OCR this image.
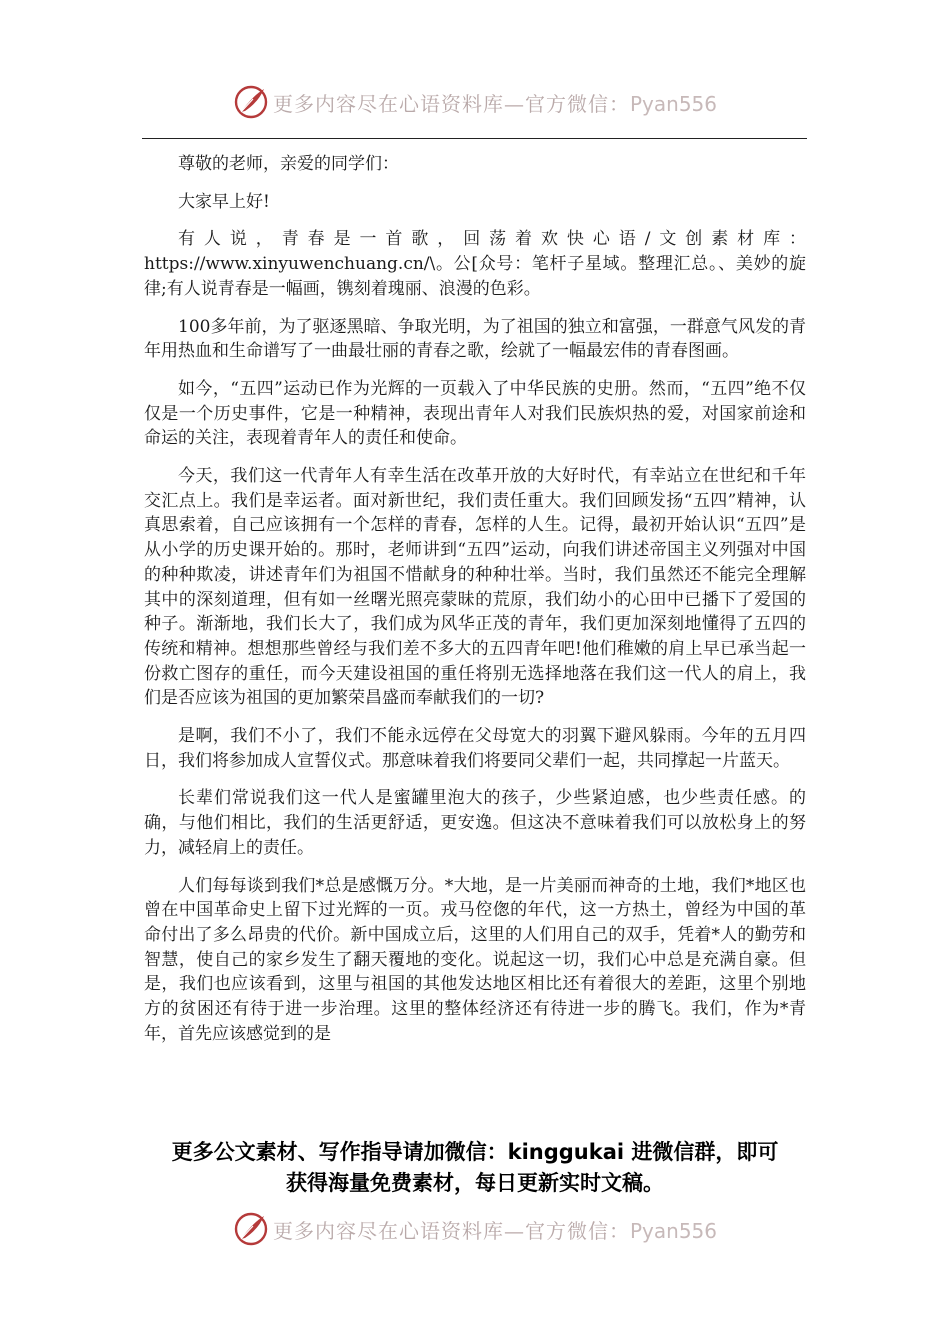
更多内容尽在心语资料库—官方微信：Pyan556

尊敬的老师，亲爱的同学们：

大家早上好!

有人说，青春是一首歌，回荡着欢快心语/文创素材库：https://www.xinyuwenchuang.cn/\。公[众号：笔杆子星域。整理汇总。、美妙的旋律;有人说青春是一幅画，镌刻着瑰丽、浪漫的色彩。

100多年前，为了驱逐黑暗、争取光明，为了祖国的独立和富强，一群意气风发的青年用热血和生命谱写了一曲最壮丽的青春之歌，绘就了一幅最宏伟的青春图画。

如今，“五四”运动已作为光辉的一页载入了中华民族的史册。然而，“五四”绝不仅仅是一个历史事件，它是一种精神，表现出青年人对我们民族炽热的爱，对国家前途和命运的关注，表现着青年人的责任和使命。

今天，我们这一代青年人有幸生活在改革开放的大好时代，有幸站立在世纪和千年交汇点上。我们是幸运者。面对新世纪，我们责任重大。我们回顾发扬“五四”精神，认真思索着，自己应该拥有一个怎样的青春，怎样的人生。记得，最初开始认识“五四”是从小学的历史课开始的。那时，老师讲到“五四”运动，向我们讲述帝国主义列强对中国的种种欺凌，讲述青年们为祖国不惜献身的种种壮举。当时，我们虽然还不能完全理解其中的深刻道理，但有如一丝曙光照亮蒙昧的荒原，我们幼小的心田中已播下了爱国的种子。渐渐地，我们长大了，我们成为风华正茂的青年，我们更加深刻地懂得了五四的传统和精神。想想那些曾经与我们差不多大的五四青年吧!他们稚嫩的肩上早已承当起一份救亡图存的重任，而今天建设祖国的重任将别无选择地落在我们这一代人的肩上，我们是否应该为祖国的更加繁荣昌盛而奉献我们的一切?

是啊，我们不小了，我们不能永远停在父母宽大的羽翼下避风躲雨。今年的五月四日，我们将参加成人宣誓仪式。那意味着我们将要同父辈们一起，共同撑起一片蓝天。

长辈们常说我们这一代人是蜜罐里泡大的孩子，少些紧迫感，也少些责任感。的确，与他们相比，我们的生活更舒适，更安逸。但这决不意味着我们可以放松身上的努力，减轻肩上的责任。

人们每每谈到我们*总是感慨万分。*大地，是一片美丽而神奇的土地，我们*地区也曾在中国革命史上留下过光辉的一页。戎马倥偬的年代，这一方热土，曾经为中国的革命付出了多么昂贵的代价。新中国成立后，这里的人们用自己的双手，凭着*人的勤劳和智慧，使自己的家乡发生了翻天覆地的变化。说起这一切，我们心中总是充满自豪。但是，我们也应该看到，这里与祖国的其他发达地区相比还有着很大的差距，这里个别地方的贫困还有待于进一步治理。这里的整体经济还有待进一步的腾飞。我们，作为*青年，首先应该感觉到的是

更多公文素材、写作指导请加微信：kinggukai 进微信群，即可
获得海量免费素材，每日更新实时文稿。
更多内容尽在心语资料库—官方微信：Pyan556
